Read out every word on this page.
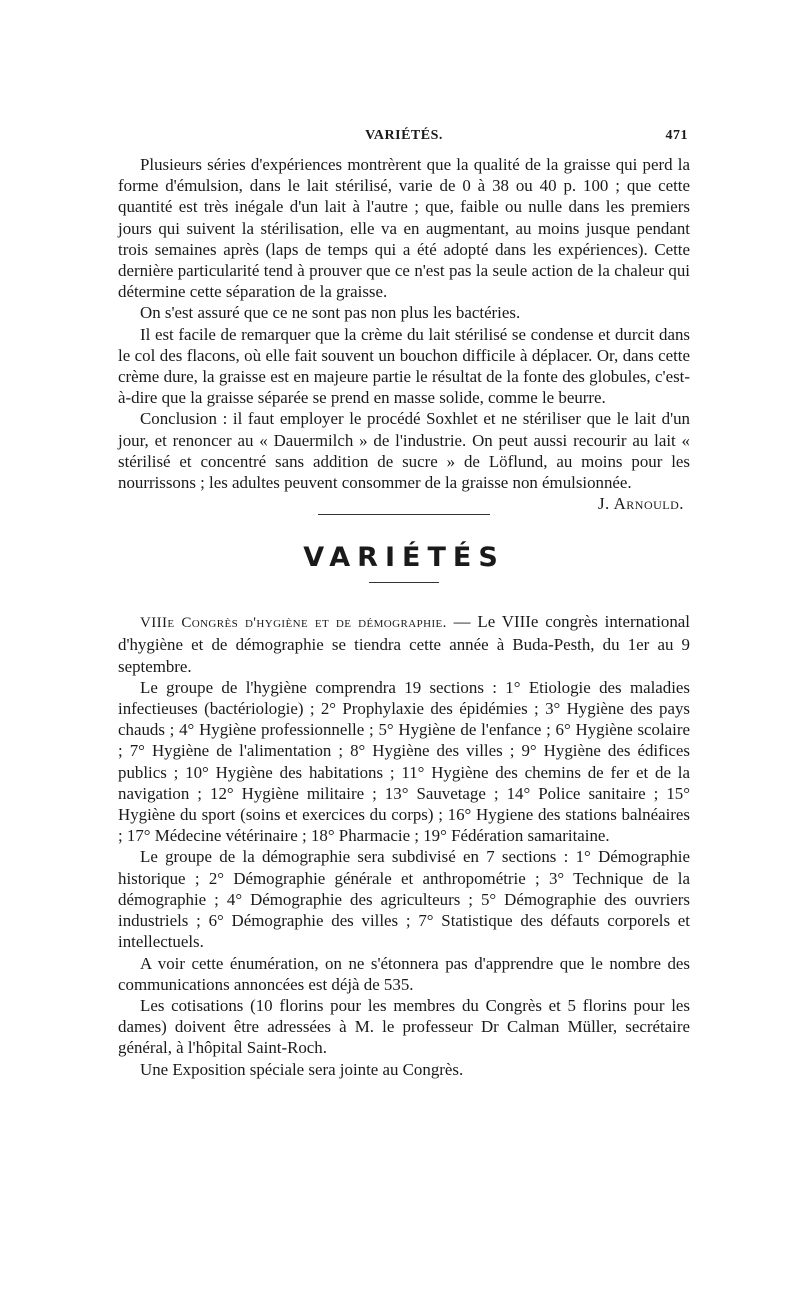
VARIÉTÉS.	471

Plusieurs séries d'expériences montrèrent que la qualité de la graisse qui perd la forme d'émulsion, dans le lait stérilisé, varie de 0 à 38 ou 40 p. 100 ; que cette quantité est très inégale d'un lait à l'autre ; que, faible ou nulle dans les premiers jours qui suivent la stérilisation, elle va en augmentant, au moins jusque pendant trois semaines après (laps de temps qui a été adopté dans les expériences). Cette dernière particularité tend à prouver que ce n'est pas la seule action de la chaleur qui détermine cette séparation de la graisse.

On s'est assuré que ce ne sont pas non plus les bactéries.

Il est facile de remarquer que la crème du lait stérilisé se condense et durcit dans le col des flacons, où elle fait souvent un bouchon difficile à déplacer. Or, dans cette crème dure, la graisse est en majeure partie le résultat de la fonte des globules, c'est-à-dire que la graisse séparée se prend en masse solide, comme le beurre.

Conclusion : il faut employer le procédé Soxhlet et ne stériliser que le lait d'un jour, et renoncer au « Dauermilch » de l'industrie. On peut aussi recourir au lait « stérilisé et concentré sans addition de sucre » de Löflund, au moins pour les nourrissons ; les adultes peuvent consommer de la graisse non émulsionnée.
J. Arnould.

VARIÉTÉS

VIIIe Congrès d'hygiène et de démographie. — Le VIIIe congrès international d'hygiène et de démographie se tiendra cette année à Buda-Pesth, du 1er au 9 septembre.

Le groupe de l'hygiène comprendra 19 sections : 1° Etiologie des maladies infectieuses (bactériologie) ; 2° Prophylaxie des épidémies ; 3° Hygiène des pays chauds ; 4° Hygiène professionnelle ; 5° Hygiène de l'enfance ; 6° Hygiène scolaire ; 7° Hygiène de l'alimentation ; 8° Hygiène des villes ; 9° Hygiène des édifices publics ; 10° Hygiène des habitations ; 11° Hygiène des chemins de fer et de la navigation ; 12° Hygiène militaire ; 13° Sauvetage ; 14° Police sanitaire ; 15° Hygiène du sport (soins et exercices du corps) ; 16° Hygiene des stations balnéaires ; 17° Médecine vétérinaire ; 18° Pharmacie ; 19° Fédération samaritaine.

Le groupe de la démographie sera subdivisé en 7 sections : 1° Démographie historique ; 2° Démographie générale et anthropométrie ; 3° Technique de la démographie ; 4° Démographie des agriculteurs ; 5° Démographie des ouvriers industriels ; 6° Démographie des villes ; 7° Statistique des défauts corporels et intellectuels.

A voir cette énumération, on ne s'étonnera pas d'apprendre que le nombre des communications annoncées est déjà de 535.

Les cotisations (10 florins pour les membres du Congrès et 5 florins pour les dames) doivent être adressées à M. le professeur Dr Calman Müller, secrétaire général, à l'hôpital Saint-Roch.

Une Exposition spéciale sera jointe au Congrès.
